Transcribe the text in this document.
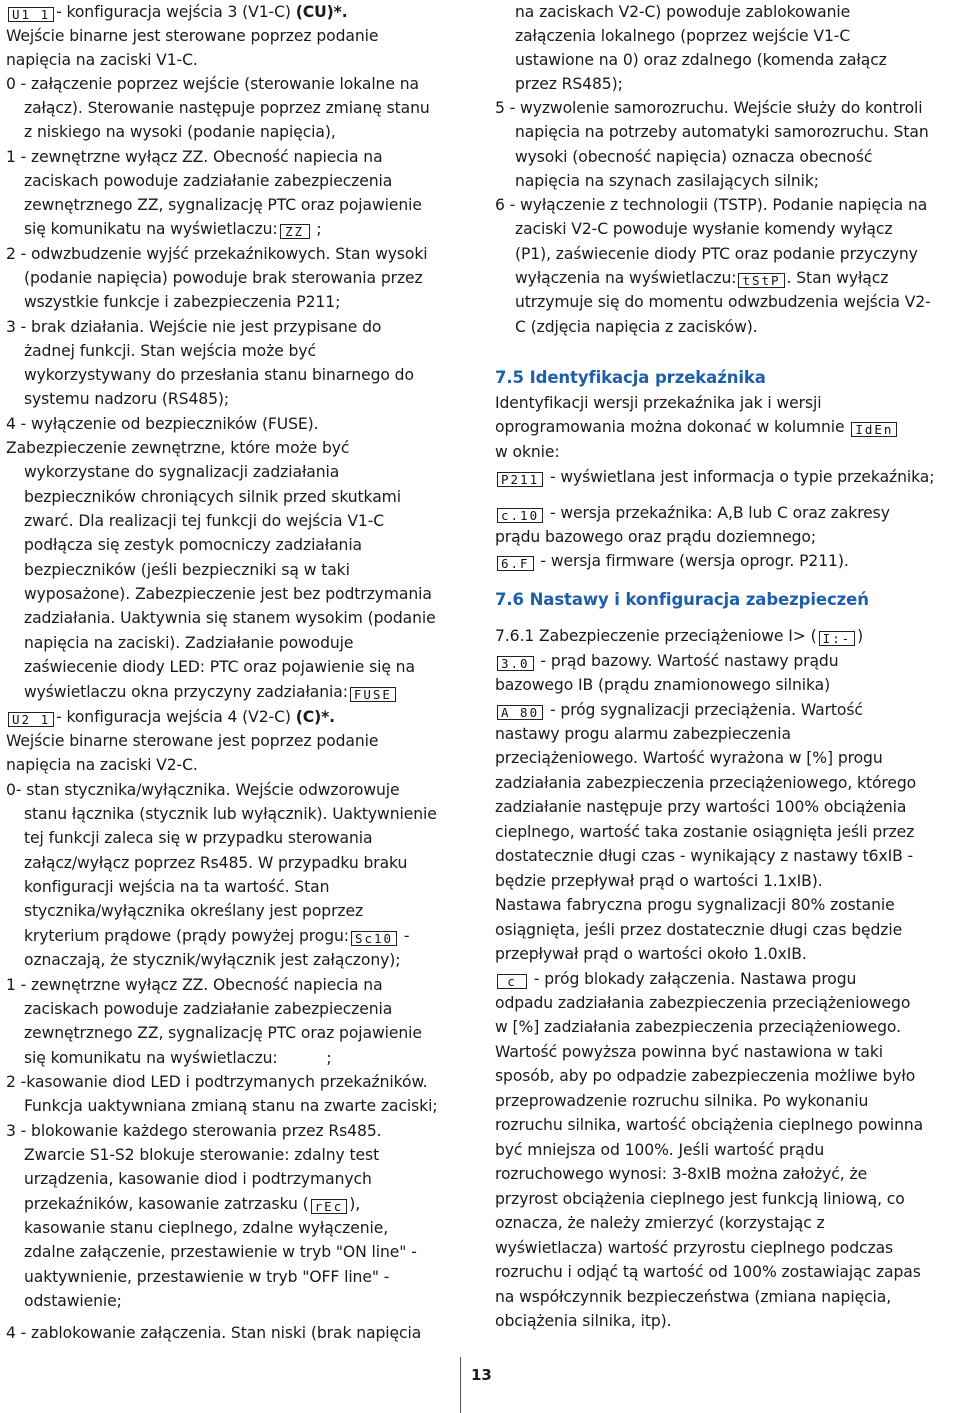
U1 1 - konfiguracja wejścia 3 (V1-C) (CU)*.
Wejście binarne jest sterowane poprzez podanie
napięcia na zaciski V1-C.
0 - załączenie poprzez wejście (sterowanie lokalne na
załącz). Sterowanie następuje poprzez zmianę stanu
z niskiego na wysoki (podanie napięcia),
1 - zewnętrzne wyłącz ZZ. Obecność napiecia na
zaciskach powoduje zadziałanie zabezpieczenia
zewnętrznego ZZ, sygnalizację PTC oraz pojawienie
się komunikatu na wyświetlaczu: ZZ ;
2 - odwzbudzenie wyjść przekaźnikowych. Stan wysoki
(podanie napięcia) powoduje brak sterowania przez
wszystkie funkcje i zabezpieczenia P211;
3 - brak działania. Wejście nie jest przypisane do
żadnej funkcji. Stan wejścia może być
wykorzystywany do przesłania stanu binarnego do
systemu nadzoru (RS485);
4 - wyłączenie od bezpieczników (FUSE).
Zabezpieczenie zewnętrzne, które może być
wykorzystane do sygnalizacji zadziałania
bezpieczników chroniących silnik przed skutkami
zwarć. Dla realizacji tej funkcji do wejścia V1-C
podłącza się zestyk pomocniczy zadziałania
bezpieczników (jeśli bezpieczniki są w taki
wyposażone). Zabezpieczenie jest bez podtrzymania
zadziałania. Uaktywnia się stanem wysokim (podanie
napięcia na zaciski). Zadziałanie powoduje
zaświecenie diody LED: PTC oraz pojawienie się na
wyświetlaczu okna przyczyny zadziałania: FUSE
U2 1 - konfiguracja wejścia 4 (V2-C) (C)*.
Wejście binarne sterowane jest poprzez podanie
napięcia na zaciski V2-C.
0- stan stycznika/wyłącznika. Wejście odwzorowuje
stanu łącznika (stycznik lub wyłącznik). Uaktywnienie
tej funkcji zaleca się w przypadku sterowania
załącz/wyłącz poprzez Rs485. W przypadku braku
konfiguracji wejścia na ta wartość. Stan
stycznika/wyłącznika określany jest poprzez
kryterium prądowe (prądy powyżej progu: Sc10 -
oznaczają, że stycznik/wyłącznik jest załączony);
1 - zewnętrzne wyłącz ZZ. Obecność napiecia na
zaciskach powoduje zadziałanie zabezpieczenia
zewnętrznego ZZ, sygnalizację PTC oraz pojawienie
się komunikatu na wyświetlaczu:	;
2 -kasowanie diod LED i podtrzymanych przekaźników.
Funkcja uaktywniana zmianą stanu na zwarte zaciski;
3 - blokowanie każdego sterowania przez Rs485.
Zwarcie S1-S2 blokuje sterowanie: zdalny test
urządzenia, kasowanie diod i podtrzymanych
przekaźników, kasowanie zatrzasku ( rEc ),
kasowanie stanu cieplnego, zdalne wyłączenie,
zdalne załączenie, przestawienie w tryb "ON line" -
uaktywnienie, przestawienie w tryb "OFF line" -
odstawienie;
4 - zablokowanie załączenia. Stan niski (brak napięcia
na zaciskach V2-C) powoduje zablokowanie
załączenia lokalnego (poprzez wejście V1-C
ustawione na 0) oraz zdalnego (komenda załącz
przez RS485);
5 - wyzwolenie samorozruchu. Wejście służy do kontroli
napięcia na potrzeby automatyki samorozruchu. Stan
wysoki (obecność napięcia) oznacza obecność
napięcia na szynach zasilających silnik;
6 - wyłączenie z technologii (TSTP). Podanie napięcia na
zaciski V2-C powoduje wysłanie komendy wyłącz
(P1), zaświecenie diody PTC oraz podanie przyczyny
wyłączenia na wyświetlaczu: tStP . Stan wyłącz
utrzymuje się do momentu odwzbudzenia wejścia V2-
C (zdjęcia napięcia z zacisków).
7.5 Identyfikacja przekaźnika
Identyfikacji wersji przekaźnika jak i wersji
oprogramowania można dokonać w kolumnie IdEn
w oknie:
P211 - wyświetlana jest informacja o typie przekaźnika;
c.10 - wersja przekaźnika: A,B lub C oraz zakresy
prądu bazowego oraz prądu doziemnego;
6.F - wersja firmware (wersja oprogr. P211).
7.6 Nastawy i konfiguracja zabezpieczeń
7.6.1 Zabezpieczenie przeciążeniowe I> ( I:- )
3.0 - prąd bazowy. Wartość nastawy prądu
bazowego IB (prądu znamionowego silnika)
A 80 - próg sygnalizacji przeciążenia. Wartość
nastawy progu alarmu zabezpieczenia
przeciążeniowego. Wartość wyrażona w [%] progu
zadziałania zabezpieczenia przeciążeniowego, którego
zadziałanie następuje przy wartości 100% obciążenia
cieplnego, wartość taka zostanie osiągnięta jeśli przez
dostatecznie długi czas - wynikający z nastawy t6xIB -
będzie przepływał prąd o wartości 1.1xIB).
Nastawa fabryczna progu sygnalizacji 80% zostanie
osiągnięta, jeśli przez dostatecznie długi czas będzie
przepływał prąd o wartości około 1.0xIB.
c - próg blokady załączenia. Nastawa progu
odpadu zadziałania zabezpieczenia przeciążeniowego
w [%] zadziałania zabezpieczenia przeciążeniowego.
Wartość powyższa powinna być nastawiona w taki
sposób, aby po odpadzie zabezpieczenia możliwe było
przeprowadzenie rozruchu silnika. Po wykonaniu
rozruchu silnika, wartość obciążenia cieplnego powinna
być mniejsza od 100%. Jeśli wartość prądu
rozruchowego wynosi: 3-8xIB można założyć, że
przyrost obciążenia cieplnego jest funkcją liniową, co
oznacza, że należy zmierzyć (korzystając z
wyświetlacza) wartość przyrostu cieplnego podczas
rozruchu i odjąć tą wartość od 100% zostawiając zapas
na współczynnik bezpieczeństwa (zmiana napięcia,
obciążenia silnika, itp).
13
